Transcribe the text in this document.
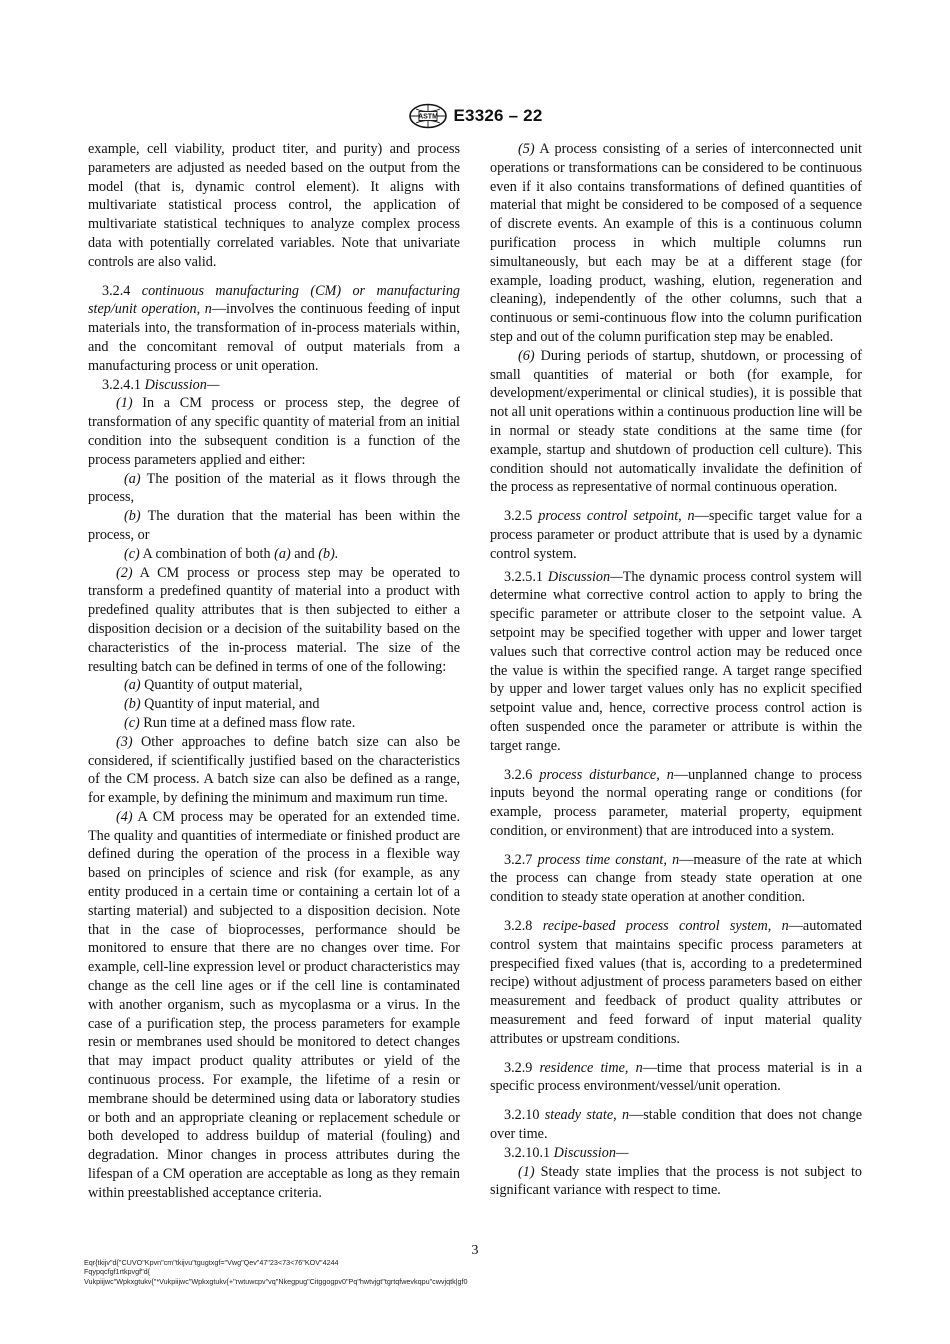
ASTM E3326 – 22

example, cell viability, product titer, and purity) and process parameters are adjusted as needed based on the output from the model (that is, dynamic control element). It aligns with multivariate statistical process control, the application of multivariate statistical techniques to analyze complex process data with potentially correlated variables. Note that univariate controls are also valid.

3.2.4 continuous manufacturing (CM) or manufacturing step/unit operation, n—involves the continuous feeding of input materials into, the transformation of in-process materials within, and the concomitant removal of output materials from a manufacturing process or unit operation.

3.2.4.1 Discussion—

(1) In a CM process or process step, the degree of transformation of any specific quantity of material from an initial condition into the subsequent condition is a function of the process parameters applied and either:

(a) The position of the material as it flows through the process,

(b) The duration that the material has been within the process, or

(c) A combination of both (a) and (b).

(2) A CM process or process step may be operated to transform a predefined quantity of material into a product with predefined quality attributes that is then subjected to either a disposition decision or a decision of the suitability based on the characteristics of the in-process material. The size of the resulting batch can be defined in terms of one of the following:

(a) Quantity of output material,

(b) Quantity of input material, and

(c) Run time at a defined mass flow rate.

(3) Other approaches to define batch size can also be considered, if scientifically justified based on the characteristics of the CM process. A batch size can also be defined as a range, for example, by defining the minimum and maximum run time.

(4) A CM process may be operated for an extended time. The quality and quantities of intermediate or finished product are defined during the operation of the process in a flexible way based on principles of science and risk (for example, as any entity produced in a certain time or containing a certain lot of a starting material) and subjected to a disposition decision. Note that in the case of bioprocesses, performance should be monitored to ensure that there are no changes over time. For example, cell-line expression level or product characteristics may change as the cell line ages or if the cell line is contaminated with another organism, such as mycoplasma or a virus. In the case of a purification step, the process parameters for example resin or membranes used should be monitored to detect changes that may impact product quality attributes or yield of the continuous process. For example, the lifetime of a resin or membrane should be determined using data or laboratory studies or both and an appropriate cleaning or replacement schedule or both developed to address buildup of material (fouling) and degradation. Minor changes in process attributes during the lifespan of a CM operation are acceptable as long as they remain within preestablished acceptance criteria.

(5) A process consisting of a series of interconnected unit operations or transformations can be considered to be continuous even if it also contains transformations of defined quantities of material that might be considered to be composed of a sequence of discrete events. An example of this is a continuous column purification process in which multiple columns run simultaneously, but each may be at a different stage (for example, loading product, washing, elution, regeneration and cleaning), independently of the other columns, such that a continuous or semi-continuous flow into the column purification step and out of the column purification step may be enabled.

(6) During periods of startup, shutdown, or processing of small quantities of material or both (for example, for development/experimental or clinical studies), it is possible that not all unit operations within a continuous production line will be in normal or steady state conditions at the same time (for example, startup and shutdown of production cell culture). This condition should not automatically invalidate the definition of the process as representative of normal continuous operation.

3.2.5 process control setpoint, n—specific target value for a process parameter or product attribute that is used by a dynamic control system.

3.2.5.1 Discussion—The dynamic process control system will determine what corrective control action to apply to bring the specific parameter or attribute closer to the setpoint value. A setpoint may be specified together with upper and lower target values such that corrective control action may be reduced once the value is within the specified range. A target range specified by upper and lower target values only has no explicit specified setpoint value and, hence, corrective process control action is often suspended once the parameter or attribute is within the target range.

3.2.6 process disturbance, n—unplanned change to process inputs beyond the normal operating range or conditions (for example, process parameter, material property, equipment condition, or environment) that are introduced into a system.

3.2.7 process time constant, n—measure of the rate at which the process can change from steady state operation at one condition to steady state operation at another condition.

3.2.8 recipe-based process control system, n—automated control system that maintains specific process parameters at prespecified fixed values (that is, according to a predetermined recipe) without adjustment of process parameters based on either measurement and feedback of product quality attributes or measurement and feed forward of input material quality attributes or upstream conditions.

3.2.9 residence time, n—time that process material is in a specific process environment/vessel/unit operation.

3.2.10 steady state, n—stable condition that does not change over time.

3.2.10.1 Discussion—

(1) Steady state implies that the process is not subject to significant variance with respect to time.

3
Eqr{tkijv"d{"CUVO"Kpvn"cm"tkijvu"tgugtxgf="Vwg"Qev"47"23<73<76"KOV"4244
Fqypqcfgf1rtkpvgf"d{
Vukpiijwc"Wpkxgtukv{"*Vukpiijwc"Wpkxgtukv{+"rwtuwcpv"vq"Nkegpug"Citggogpv0"Pq"hwtvjgt"tgrtqfwevkqpu"cwvjqtk|gf0
